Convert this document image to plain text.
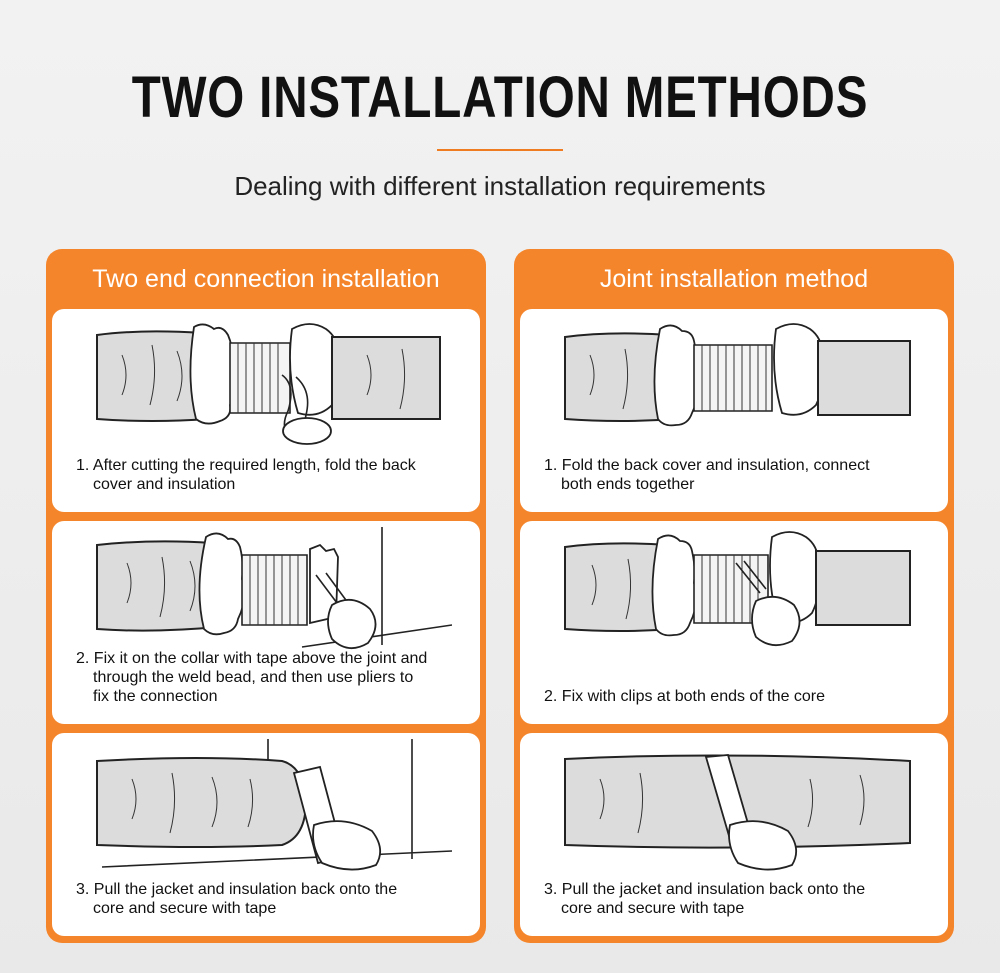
TWO INSTALLATION METHODS

Dealing with different installation requirements

Two end connection installation
1. After cutting the required length, fold the back
cover and insulation
2. Fix it on the collar with tape above the joint and
through the weld bead, and then use pliers to
fix the connection
3. Pull the jacket and insulation back onto the
core and secure with tape
Joint installation method
1. Fold the back cover and insulation, connect
both ends together
2. Fix with clips at both ends of the core
3. Pull the jacket and insulation back onto the
core and secure with tape
